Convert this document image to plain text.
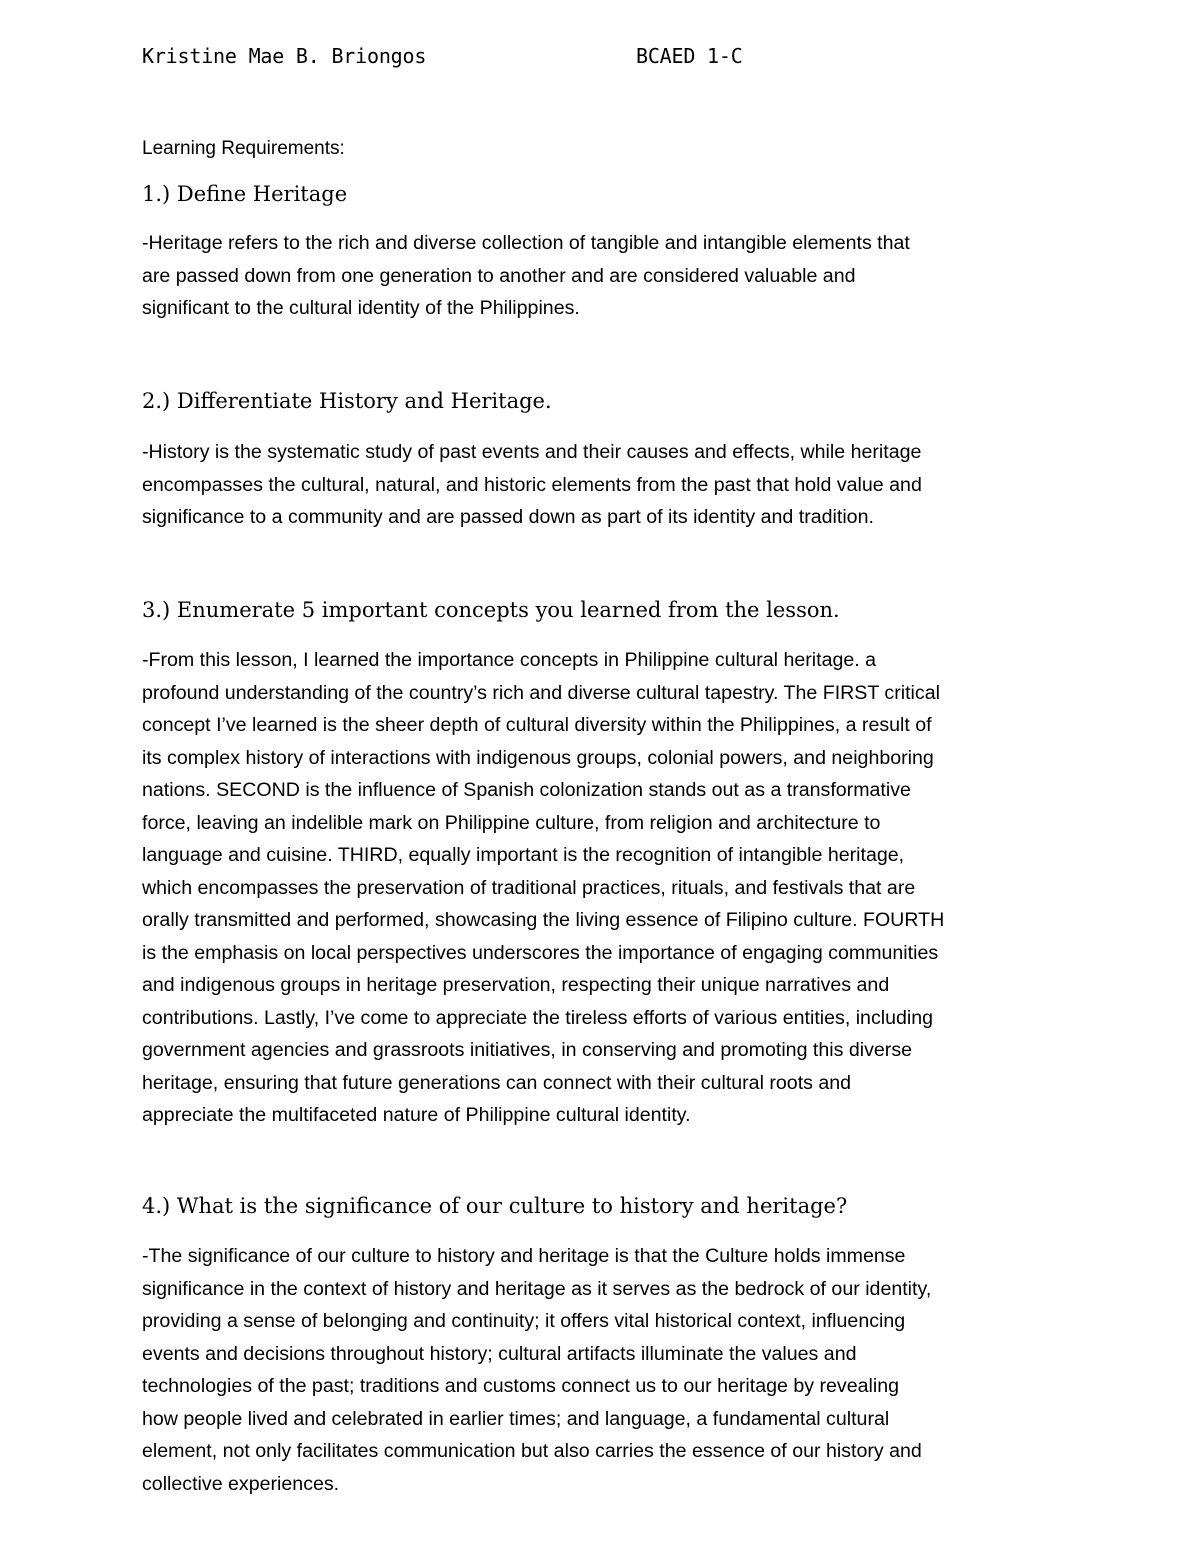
Kristine Mae B. Briongos	BCAED 1-C
Learning Requirements:
1.) Define Heritage
-Heritage refers to the rich and diverse collection of tangible and intangible elements that
are passed down from one generation to another and are considered valuable and
significant to the cultural identity of the Philippines.
2.) Differentiate History and Heritage.
-History is the systematic study of past events and their causes and effects, while heritage
encompasses the cultural, natural, and historic elements from the past that hold value and
significance to a community and are passed down as part of its identity and tradition.
3.) Enumerate 5 important concepts you learned from the lesson.
-From this lesson, I learned the importance concepts in Philippine cultural heritage. a
profound understanding of the country’s rich and diverse cultural tapestry. The FIRST critical
concept I’ve learned is the sheer depth of cultural diversity within the Philippines, a result of
its complex history of interactions with indigenous groups, colonial powers, and neighboring
nations. SECOND is the influence of Spanish colonization stands out as a transformative
force, leaving an indelible mark on Philippine culture, from religion and architecture to
language and cuisine. THIRD, equally important is the recognition of intangible heritage,
which encompasses the preservation of traditional practices, rituals, and festivals that are
orally transmitted and performed, showcasing the living essence of Filipino culture. FOURTH
is the emphasis on local perspectives underscores the importance of engaging communities
and indigenous groups in heritage preservation, respecting their unique narratives and
contributions. Lastly, I’ve come to appreciate the tireless efforts of various entities, including
government agencies and grassroots initiatives, in conserving and promoting this diverse
heritage, ensuring that future generations can connect with their cultural roots and
appreciate the multifaceted nature of Philippine cultural identity.
4.) What is the significance of our culture to history and heritage?
-The significance of our culture to history and heritage is that the Culture holds immense
significance in the context of history and heritage as it serves as the bedrock of our identity,
providing a sense of belonging and continuity; it offers vital historical context, influencing
events and decisions throughout history; cultural artifacts illuminate the values and
technologies of the past; traditions and customs connect us to our heritage by revealing
how people lived and celebrated in earlier times; and language, a fundamental cultural
element, not only facilitates communication but also carries the essence of our history and
collective experiences.
